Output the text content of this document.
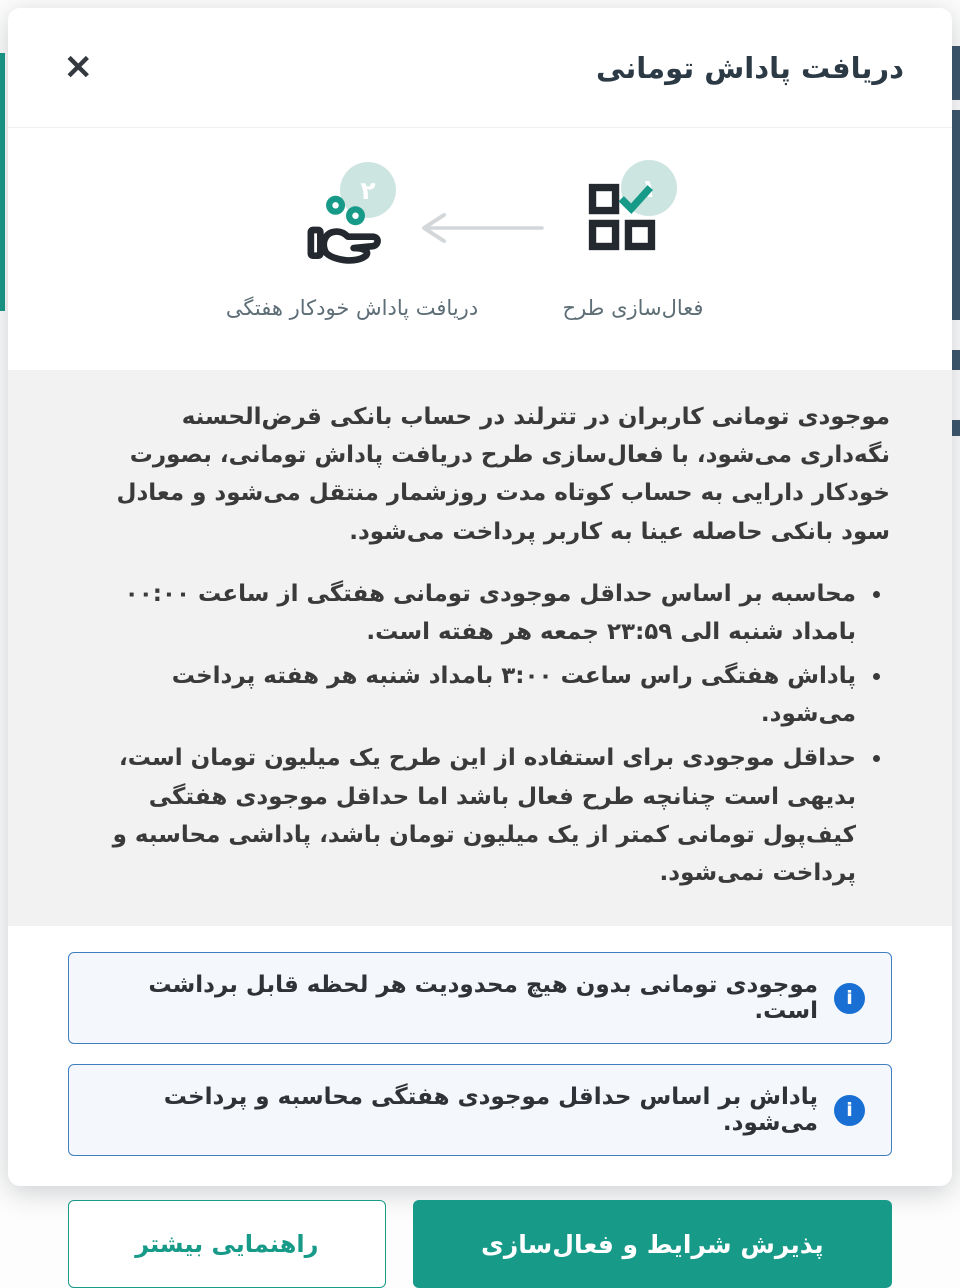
دریافت پاداش تومانی
✕
۱
فعال‌سازی طرح
۲
دریافت پاداش خودکار هفتگی

موجودی تومانی کاربران در تترلند در حساب بانکی قرض‌الحسنه نگه‌داری می‌شود، با فعال‌سازی طرح دریافت پاداش تومانی، بصورت خودکار دارایی به حساب کوتاه مدت روزشمار منتقل می‌شود و معادل سود بانکی حاصله عینا به کاربر پرداخت می‌شود.

• محاسبه بر اساس حداقل موجودی تومانی هفتگی از ساعت ۰۰:۰۰ بامداد شنبه الی ۲۳:۵۹ جمعه هر هفته است.
• پاداش هفتگی راس ساعت ۳:۰۰ بامداد شنبه هر هفته پرداخت می‌شود.
• حداقل موجودی برای استفاده از این طرح یک میلیون تومان است، بدیهی است چنانچه طرح فعال باشد اما حداقل موجودی هفتگی کیف‌پول تومانی کمتر از یک میلیون تومان باشد، پاداشی محاسبه و پرداخت نمی‌شود.
i
موجودی تومانی بدون هیچ محدودیت هر لحظه قابل برداشت است.
i
پاداش بر اساس حداقل موجودی هفتگی محاسبه و پرداخت می‌شود.
پذیرش شرایط و فعال‌سازی
راهنمایی بیشتر
